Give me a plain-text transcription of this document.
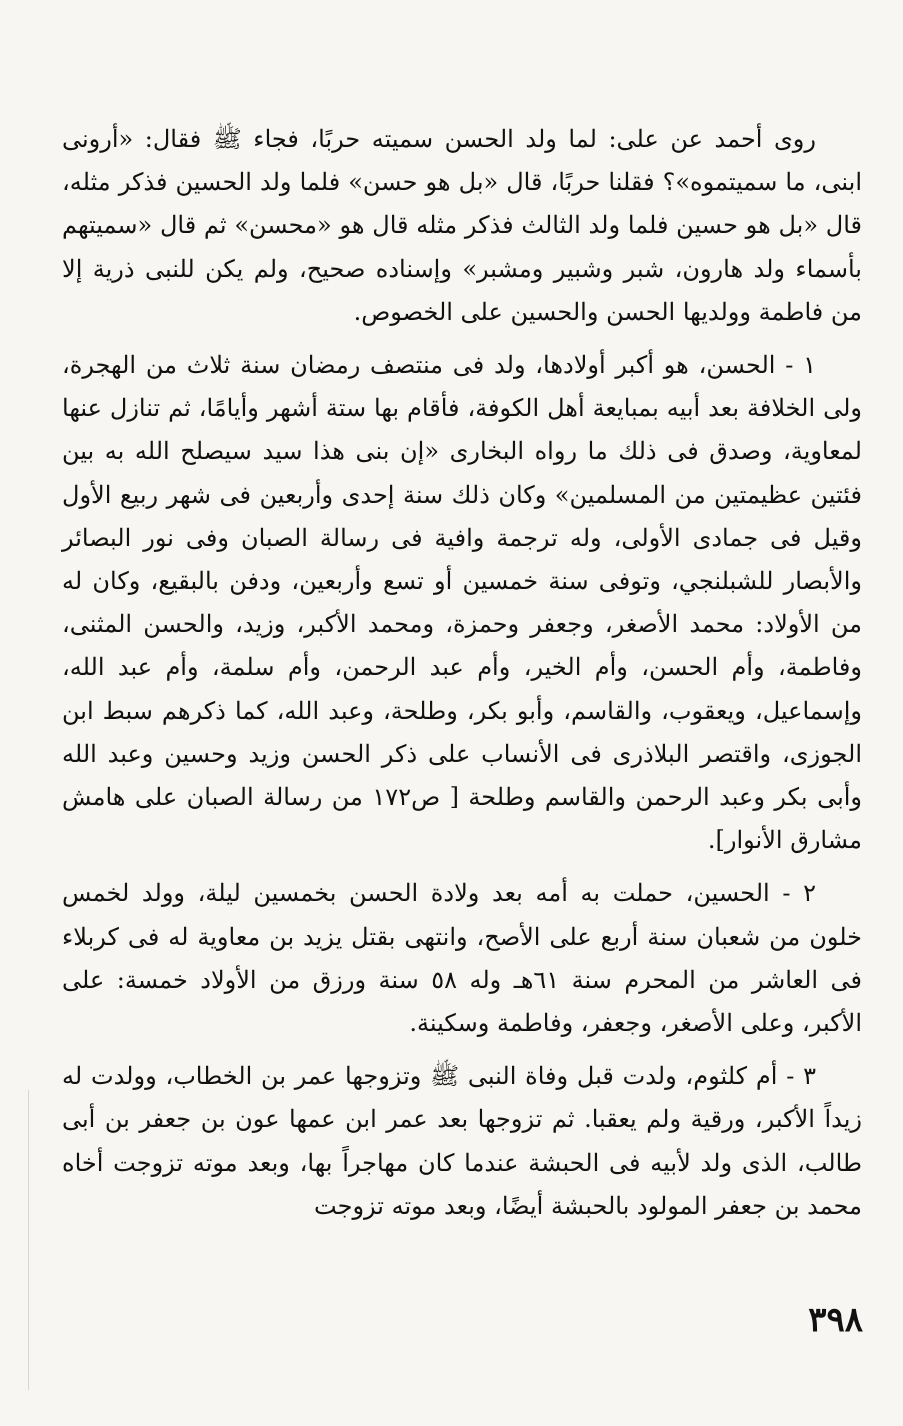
روى أحمد عن على: لما ولد الحسن سميته حربًا، فجاء ﷺ فقال: «أرونى ابنى، ما سميتموه»؟ فقلنا حربًا، قال «بل هو حسن» فلما ولد الحسين فذكر مثله، قال «بل هو حسين فلما ولد الثالث فذكر مثله قال هو «محسن» ثم قال «سميتهم بأسماء ولد هارون، شبر وشبير ومشبر» وإسناده صحيح، ولم يكن للنبى ذرية إلا من فاطمة وولديها الحسن والحسين على الخصوص.

١ - الحسن، هو أكبر أولادها، ولد فى منتصف رمضان سنة ثلاث من الهجرة، ولى الخلافة بعد أبيه بمبايعة أهل الكوفة، فأقام بها ستة أشهر وأيامًا، ثم تنازل عنها لمعاوية، وصدق فى ذلك ما رواه البخارى «إن بنى هذا سيد سيصلح الله به بين فئتين عظيمتين من المسلمين» وكان ذلك سنة إحدى وأربعين فى شهر ربيع الأول وقيل فى جمادى الأولى، وله ترجمة وافية فى رسالة الصبان وفى نور البصائر والأبصار للشبلنجي، وتوفى سنة خمسين أو تسع وأربعين، ودفن بالبقيع، وكان له من الأولاد: محمد الأصغر، وجعفر وحمزة، ومحمد الأكبر، وزيد، والحسن المثنى، وفاطمة، وأم الحسن، وأم الخير، وأم عبد الرحمن، وأم سلمة، وأم عبد الله، وإسماعيل، ويعقوب، والقاسم، وأبو بكر، وطلحة، وعبد الله، كما ذكرهم سبط ابن الجوزى، واقتصر البلاذرى فى الأنساب على ذكر الحسن وزيد وحسين وعبد الله وأبى بكر وعبد الرحمن والقاسم وطلحة [ ص١٧٢ من رسالة الصبان على هامش مشارق الأنوار].

٢ - الحسين، حملت به أمه بعد ولادة الحسن بخمسين ليلة، وولد لخمس خلون من شعبان سنة أربع على الأصح، وانتهى بقتل يزيد بن معاوية له فى كربلاء فى العاشر من المحرم سنة ٦١هـ وله ٥٨ سنة ورزق من الأولاد خمسة: على الأكبر، وعلى الأصغر، وجعفر، وفاطمة وسكينة.

٣ - أم كلثوم، ولدت قبل وفاة النبى ﷺ وتزوجها عمر بن الخطاب، وولدت له زيداً الأكبر، ورقية ولم يعقبا. ثم تزوجها بعد عمر ابن عمها عون بن جعفر بن أبى طالب، الذى ولد لأبيه فى الحبشة عندما كان مهاجراً بها، وبعد موته تزوجت أخاه محمد بن جعفر المولود بالحبشة أيضًا، وبعد موته تزوجت

٣٩٨
